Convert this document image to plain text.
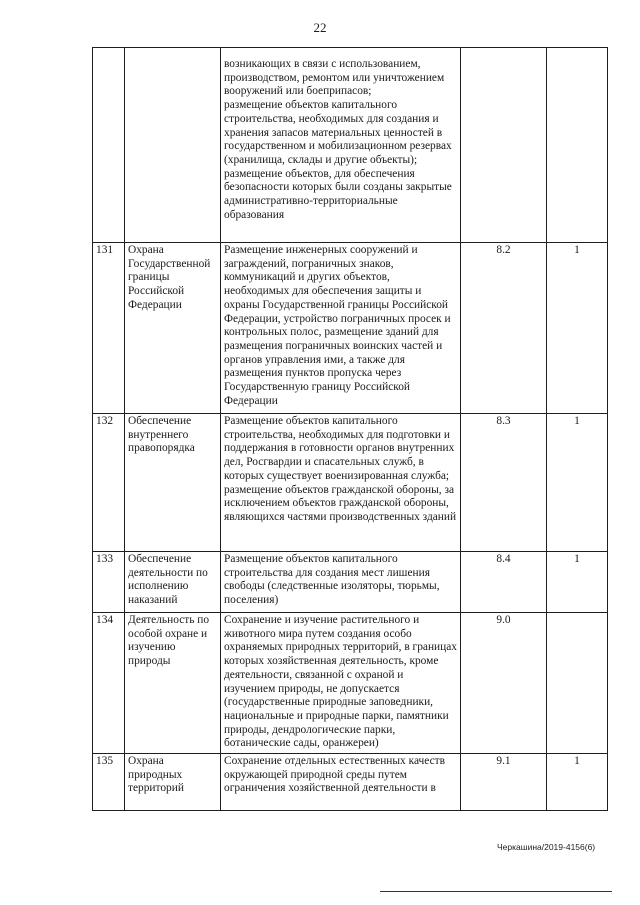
22

		возникающих в связи с использованием, производством, ремонтом или уничтожением вооружений или боеприпасов;
размещение объектов капитального строительства, необходимых для создания и хранения запасов материальных ценностей в государственном и мобилизационном резервах (хранилища, склады и другие объекты);
размещение объектов, для обеспечения безопасности которых были созданы закрытые административно-территориальные образования		

131	Охрана Государственной границы Российской Федерации	Размещение инженерных сооружений и заграждений, пограничных знаков, коммуникаций и других объектов, необходимых для обеспечения защиты и охраны Государственной границы Российской Федерации, устройство пограничных просек и контрольных полос, размещение зданий для размещения пограничных воинских частей и органов управления ими, а также для размещения пунктов пропуска через Государственную границу Российской Федерации	8.2	1
132	Обеспечение внутреннего правопорядка	Размещение объектов капитального строительства, необходимых для подготовки и поддержания в готовности органов внутренних дел, Росгвардии и спасательных служб, в которых существует военизированная служба;
размещение объектов гражданской обороны, за исключением объектов гражданской обороны, являющихся частями производственных зданий	8.3	1
133	Обеспечение деятельности по исполнению наказаний	Размещение объектов капитального строительства для создания мест лишения свободы (следственные изоляторы, тюрьмы, поселения)	8.4	1
134	Деятельность по особой охране и изучению природы	Сохранение и изучение растительного и животного мира путем создания особо охраняемых природных территорий, в границах которых хозяйственная деятельность, кроме деятельности, связанной с охраной и изучением природы, не допускается (государственные природные заповедники, национальные и природные парки, памятники природы, дендрологические парки, ботанические сады, оранжереи)	9.0	
135	Охрана природных территорий	Сохранение отдельных естественных качеств окружающей природной среды путем ограничения хозяйственной деятельности в	9.1	1
Черкашина/2019-4156(6)
